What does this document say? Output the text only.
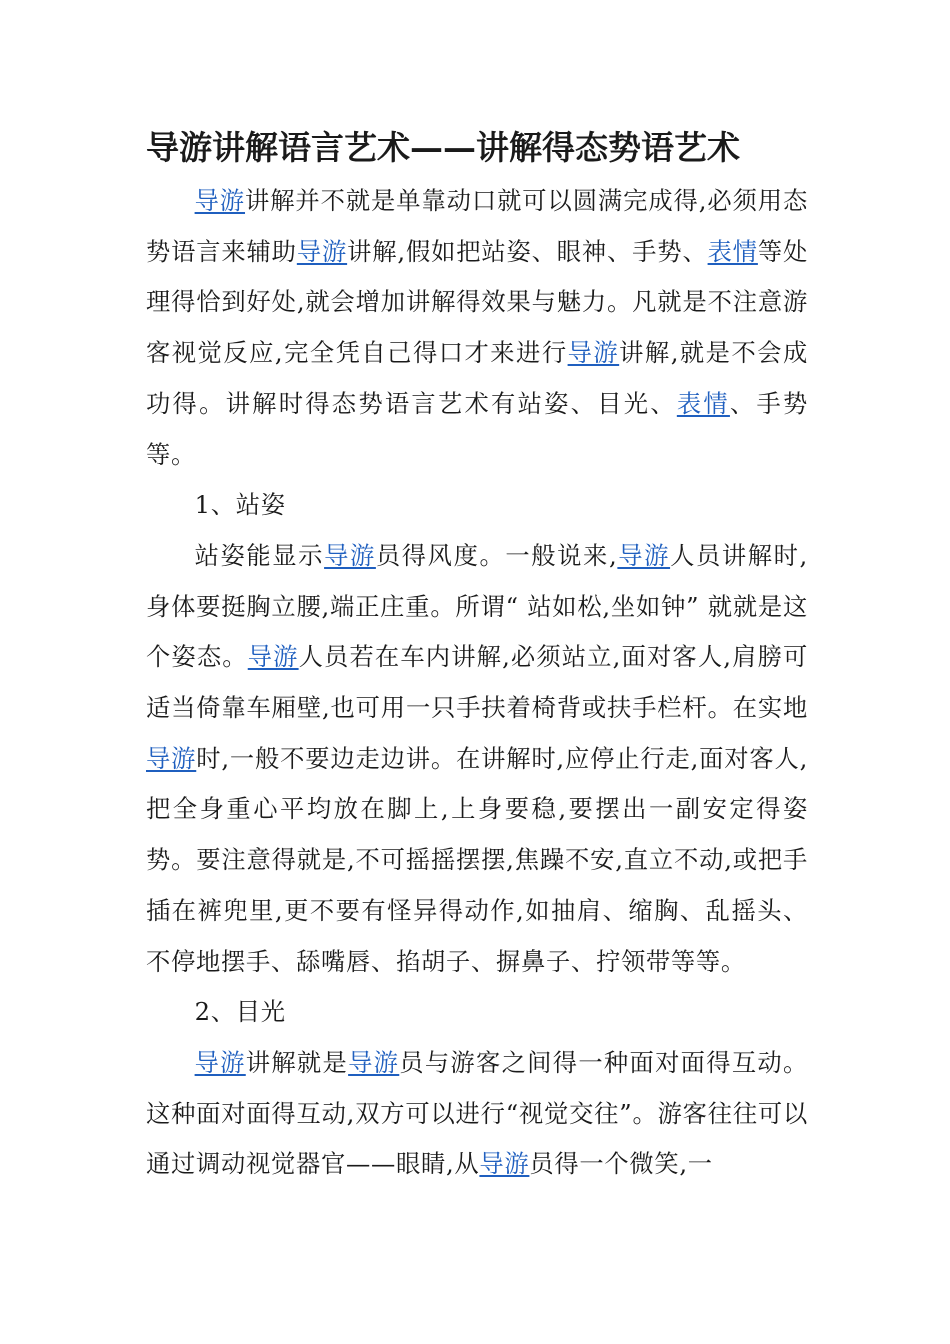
导游讲解语言艺术——讲解得态势语艺术

导游讲解并不就是单靠动口就可以圆满完成得,必须用态势语言来辅助导游讲解,假如把站姿、眼神、手势、表情等处理得恰到好处,就会增加讲解得效果与魅力。凡就是不注意游客视觉反应,完全凭自己得口才来进行导游讲解,就是不会成功得。讲解时得态势语言艺术有站姿、目光、表情、手势等。

1、站姿

站姿能显示导游员得风度。一般说来,导游人员讲解时,身体要挺胸立腰,端正庄重。所谓“ 站如松,坐如钟” 就就是这个姿态。导游人员若在车内讲解,必须站立,面对客人,肩膀可适当倚靠车厢壁,也可用一只手扶着椅背或扶手栏杆。在实地导游时,一般不要边走边讲。在讲解时,应停止行走,面对客人,把全身重心平均放在脚上,上身要稳,要摆出一副安定得姿势。要注意得就是,不可摇摇摆摆,焦躁不安,直立不动,或把手插在裤兜里,更不要有怪异得动作,如抽肩、缩胸、乱摇头、不停地摆手、舔嘴唇、掐胡子、摒鼻子、拧领带等等。

2、目光

导游讲解就是导游员与游客之间得一种面对面得互动。这种面对面得互动,双方可以进行“视觉交往”。游客往往可以通过调动视觉器官——眼睛,从导游员得一个微笑,一
